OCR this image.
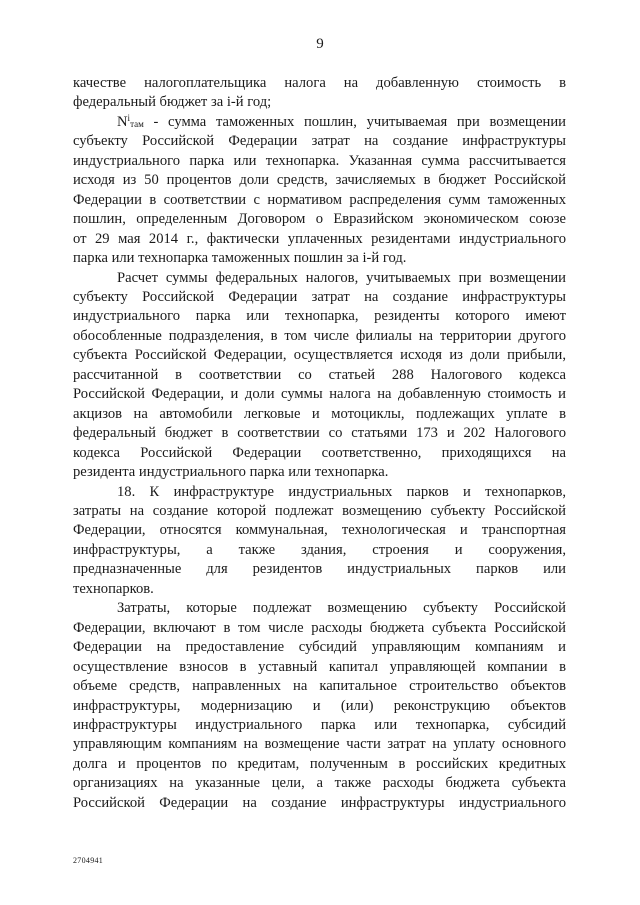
9

качестве налогоплательщика налога на добавленную стоимость в

федеральный бюджет за i-й год;

$N^i_{там}$ - сумма таможенных пошлин, учитываемая при возмещении

субъекту Российской Федерации затрат на создание инфраструктуры

индустриального парка или технопарка. Указанная сумма рассчитывается

исходя из 50 процентов доли средств, зачисляемых в бюджет Российской

Федерации в соответствии с нормативом распределения сумм таможенных

пошлин, определенным Договором о Евразийском экономическом союзе

от 29 мая 2014 г., фактически уплаченных резидентами индустриального

парка или технопарка таможенных пошлин за i-й год.

Расчет суммы федеральных налогов, учитываемых при возмещении

субъекту Российской Федерации затрат на создание инфраструктуры

индустриального парка или технопарка, резиденты которого имеют

обособленные подразделения, в том числе филиалы на территории другого

субъекта Российской Федерации, осуществляется исходя из доли прибыли,

рассчитанной в соответствии со статьей 288 Налогового кодекса

Российской Федерации, и доли суммы налога на добавленную стоимость и

акцизов на автомобили легковые и мотоциклы, подлежащих уплате в

федеральный бюджет в соответствии со статьями 173 и 202 Налогового

кодекса Российской Федерации соответственно, приходящихся на

резидента индустриального парка или технопарка.

18. К инфраструктуре индустриальных парков и технопарков,

затраты на создание которой подлежат возмещению субъекту Российской

Федерации, относятся коммунальная, технологическая и транспортная

инфраструктуры, а также здания, строения и сооружения,

предназначенные для резидентов индустриальных парков или

технопарков.

Затраты, которые подлежат возмещению субъекту Российской

Федерации, включают в том числе расходы бюджета субъекта Российской

Федерации на предоставление субсидий управляющим компаниям и

осуществление взносов в уставный капитал управляющей компании в

объеме средств, направленных на капитальное строительство объектов

инфраструктуры, модернизацию и (или) реконструкцию объектов

инфраструктуры индустриального парка или технопарка, субсидий

управляющим компаниям на возмещение части затрат на уплату основного

долга и процентов по кредитам, полученным в российских кредитных

организациях на указанные цели, а также расходы бюджета субъекта

Российской Федерации на создание инфраструктуры индустриального

2704941
